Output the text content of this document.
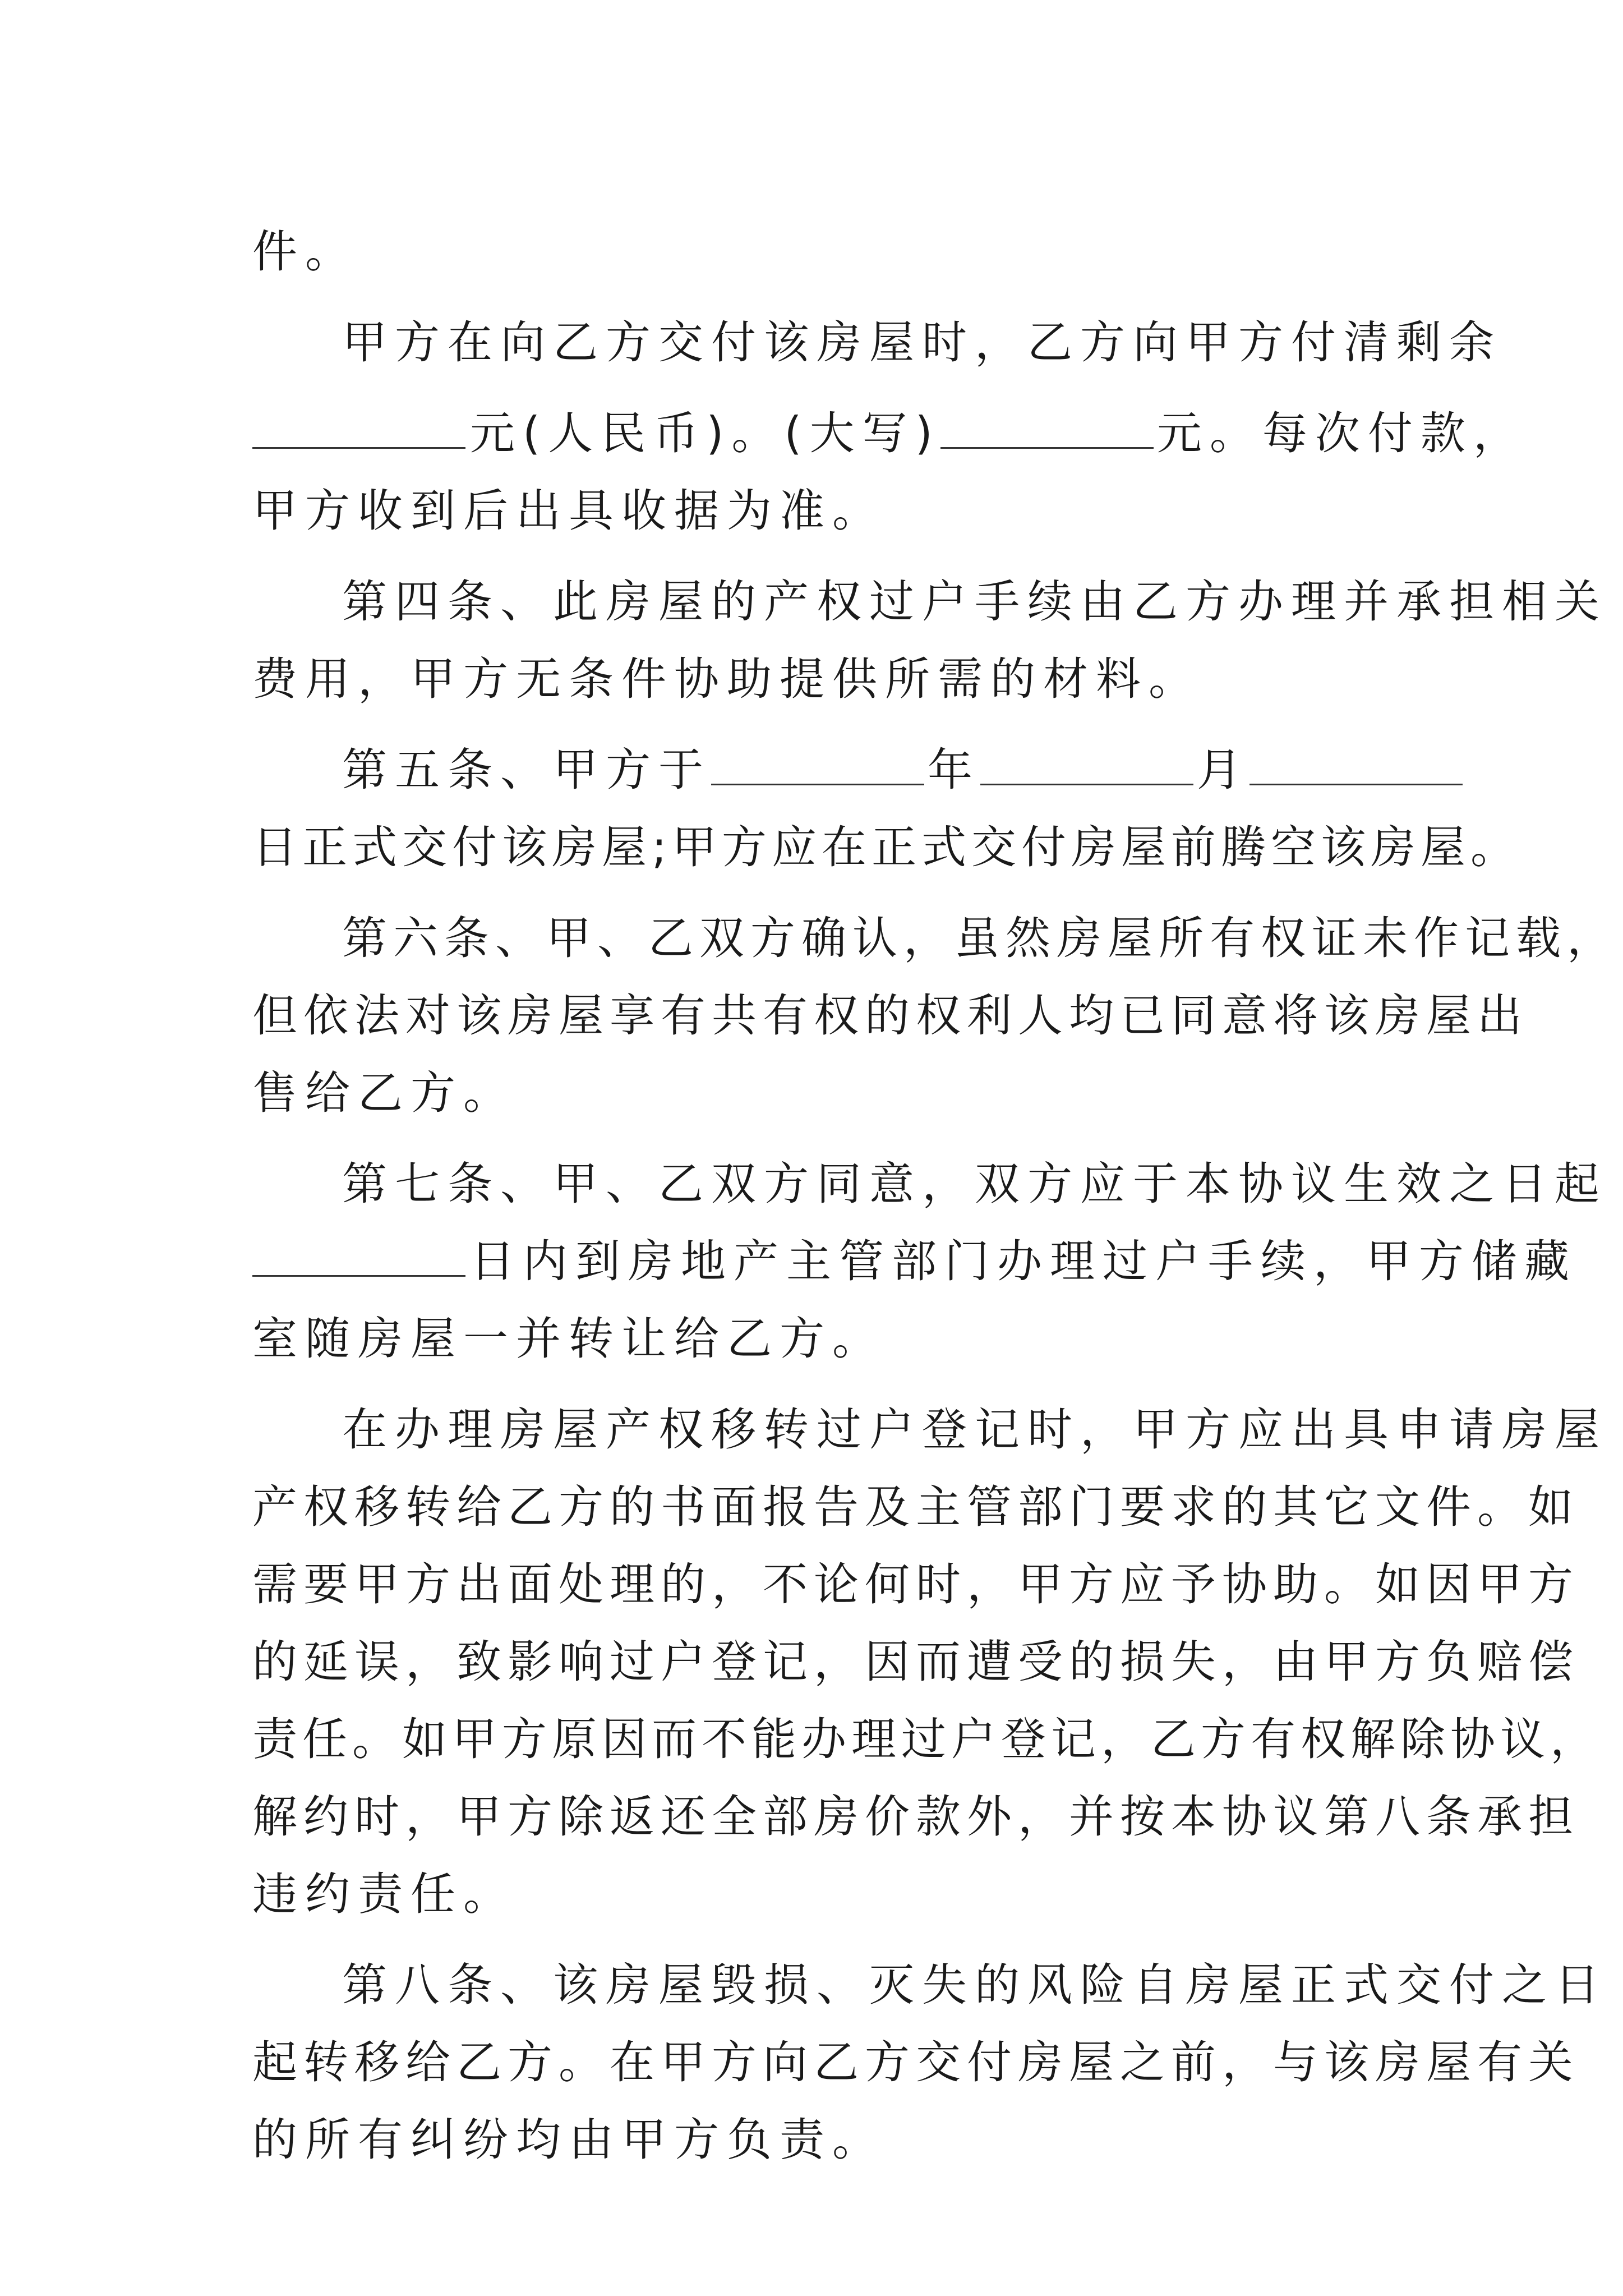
件。
甲方在向乙方交付该房屋时，乙方向甲方付清剩余
元(人民币)。(大写)	元。每次付款，
甲方收到后出具收据为准。
第四条、此房屋的产权过户手续由乙方办理并承担相关
费用，甲方无条件协助提供所需的材料。
第五条、甲方于	年	月
日正式交付该房屋;甲方应在正式交付房屋前腾空该房屋。
第六条、甲、乙双方确认，虽然房屋所有权证未作记载，
但依法对该房屋享有共有权的权利人均已同意将该房屋出
售给乙方。
第七条、甲、乙双方同意，双方应于本协议生效之日起
日内到房地产主管部门办理过户手续，甲方储藏
室随房屋一并转让给乙方。
在办理房屋产权移转过户登记时，甲方应出具申请房屋
产权移转给乙方的书面报告及主管部门要求的其它文件。如
需要甲方出面处理的，不论何时，甲方应予协助。如因甲方
的延误，致影响过户登记，因而遭受的损失，由甲方负赔偿
责任。如甲方原因而不能办理过户登记，乙方有权解除协议，
解约时，甲方除返还全部房价款外，并按本协议第八条承担
违约责任。
第八条、该房屋毁损、灭失的风险自房屋正式交付之日
起转移给乙方。在甲方向乙方交付房屋之前，与该房屋有关
的所有纠纷均由甲方负责。
